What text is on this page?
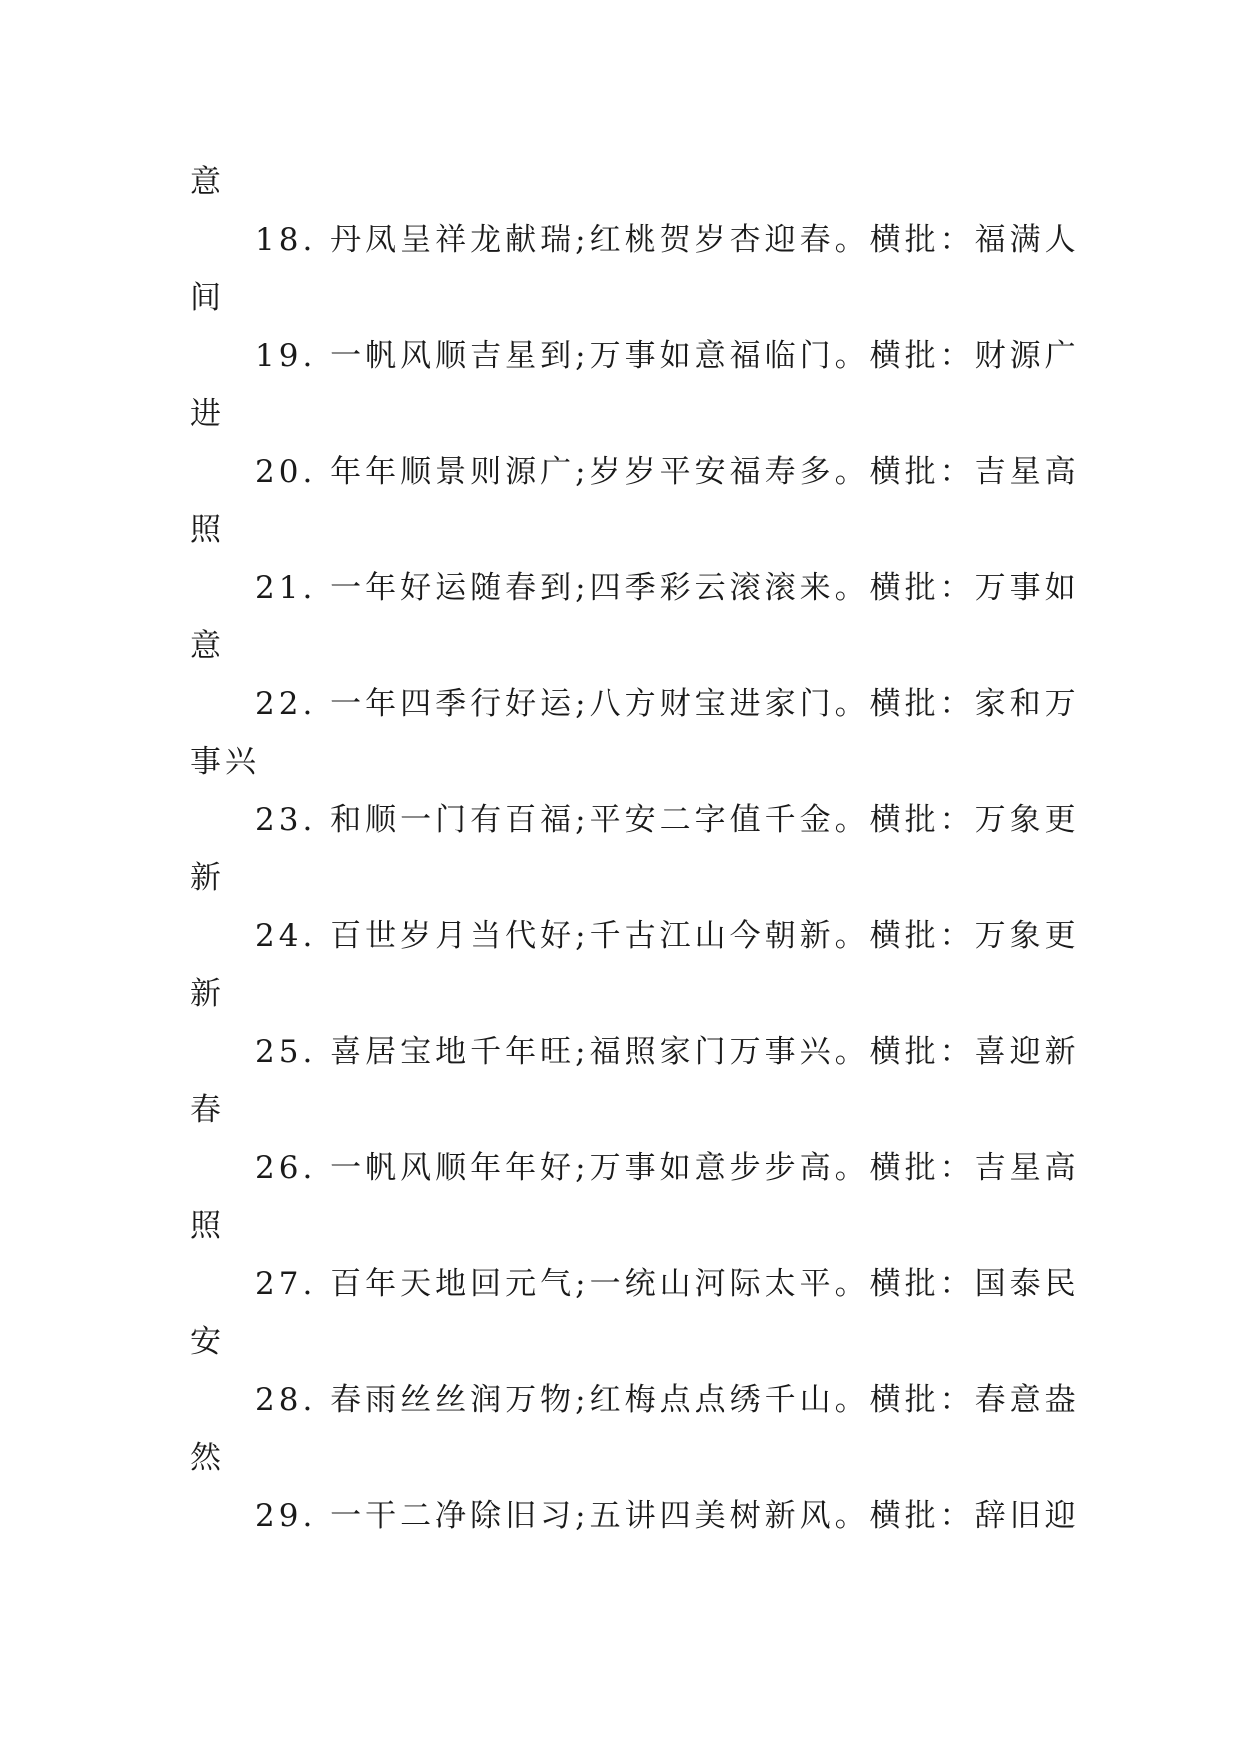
意
18. 丹凤呈祥龙献瑞;红桃贺岁杏迎春。横批：福满人
间
19. 一帆风顺吉星到;万事如意福临门。横批：财源广
进
20. 年年顺景则源广;岁岁平安福寿多。横批：吉星高
照
21. 一年好运随春到;四季彩云滚滚来。横批：万事如
意
22. 一年四季行好运;八方财宝进家门。横批：家和万
事兴
23. 和顺一门有百福;平安二字值千金。横批：万象更
新
24. 百世岁月当代好;千古江山今朝新。横批：万象更
新
25. 喜居宝地千年旺;福照家门万事兴。横批：喜迎新
春
26. 一帆风顺年年好;万事如意步步高。横批：吉星高
照
27. 百年天地回元气;一统山河际太平。横批：国泰民
安
28. 春雨丝丝润万物;红梅点点绣千山。横批：春意盎
然
29. 一干二净除旧习;五讲四美树新风。横批：辞旧迎
